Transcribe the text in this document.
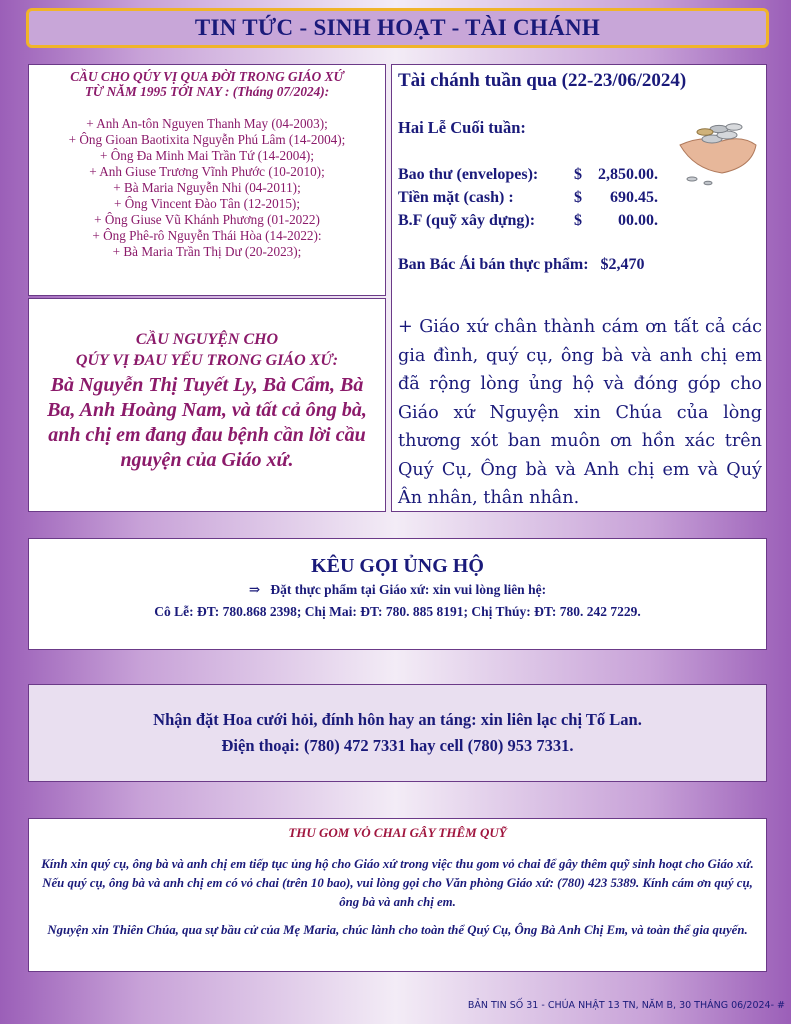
TIN TỨC - SINH HOẠT - TÀI CHÁNH
CẦU CHO QÚY VỊ QUA ĐỜI TRONG GIÁO XỨ
TỪ NĂM 1995 TỚI NAY : (Tháng 07/2024):
+ Anh An-tôn Nguyen Thanh May (04-2003);
+ Ông Gioan Baotixita Nguyễn Phú Lâm (14-2004);
+ Ông Đa Minh Mai Trần Tứ (14-2004);
+ Anh Giuse Trương Vĩnh Phước (10-2010);
+ Bà Maria Nguyễn Nhi (04-2011);
+ Ông Vincent Đào Tân (12-2015);
+ Ông Giuse Vũ Khánh Phương (01-2022)
+ Ông Phê-rô Nguyễn Thái Hòa (14-2022):
+ Bà Maria Trần Thị Dư (20-2023);
CẦU NGUYỆN CHO
QÚY VỊ ĐAU YẾU TRONG GIÁO XỨ:
Bà Nguyễn Thị Tuyết Ly, Bà Cẩm, Bà Ba, Anh Hoàng Nam, và tất cả ông bà, anh chị em đang đau bệnh cần lời cầu nguyện của Giáo xứ.
Tài chánh tuần qua (22-23/06/2024)
Hai Lễ Cuối tuần:
Bao thư (envelopes): $ 2,850.00.
Tiền mặt (cash) :	$ 690.45.
B.F (quỹ xây dựng): $ 00.00.
Ban Bác Ái bán thực phẩm: $2,470
+ Giáo xứ chân thành cám ơn tất cả các gia đình, quý cụ, ông bà và anh chị em đã rộng lòng ủng hộ và đóng góp cho Giáo xứ Nguyện xin Chúa của lòng thương xót ban muôn ơn hồn xác trên Quý Cụ, Ông bà và Anh chị em và Quý Ân nhân, thân nhân.
KÊU GỌI ỦNG HỘ
⇒ Đặt thực phẩm tại Giáo xứ: xin vui lòng liên hệ:
Cô Lễ: ĐT: 780.868 2398; Chị Mai: ĐT: 780. 885 8191; Chị Thúy: ĐT: 780. 242 7229.
Nhận đặt Hoa cưới hỏi, đính hôn hay an táng: xin liên lạc chị Tố Lan.
Điện thoại: (780) 472 7331 hay cell (780) 953 7331.
THU GOM VỎ CHAI GÂY THÊM QUỸ

Kính xin quý cụ, ông bà và anh chị em tiếp tục ủng hộ cho Giáo xứ trong việc thu gom vỏ chai để gây thêm quỹ sinh hoạt cho Giáo xứ. Nếu quý cụ, ông bà và anh chị em có vỏ chai (trên 10 bao), vui lòng gọi cho Văn phòng Giáo xứ: (780) 423 5389. Kính cám ơn quý cụ, ông bà và anh chị em.

Nguyện xin Thiên Chúa, qua sự bầu cử của Mẹ Maria, chúc lành cho toàn thể Quý Cụ, Ông Bà Anh Chị Em, và toàn thể gia quyến.

BẢN TIN SỐ 31 - CHÚA NHẬT 13 TN, NĂM B, 30 THÁNG 06/2024- #
